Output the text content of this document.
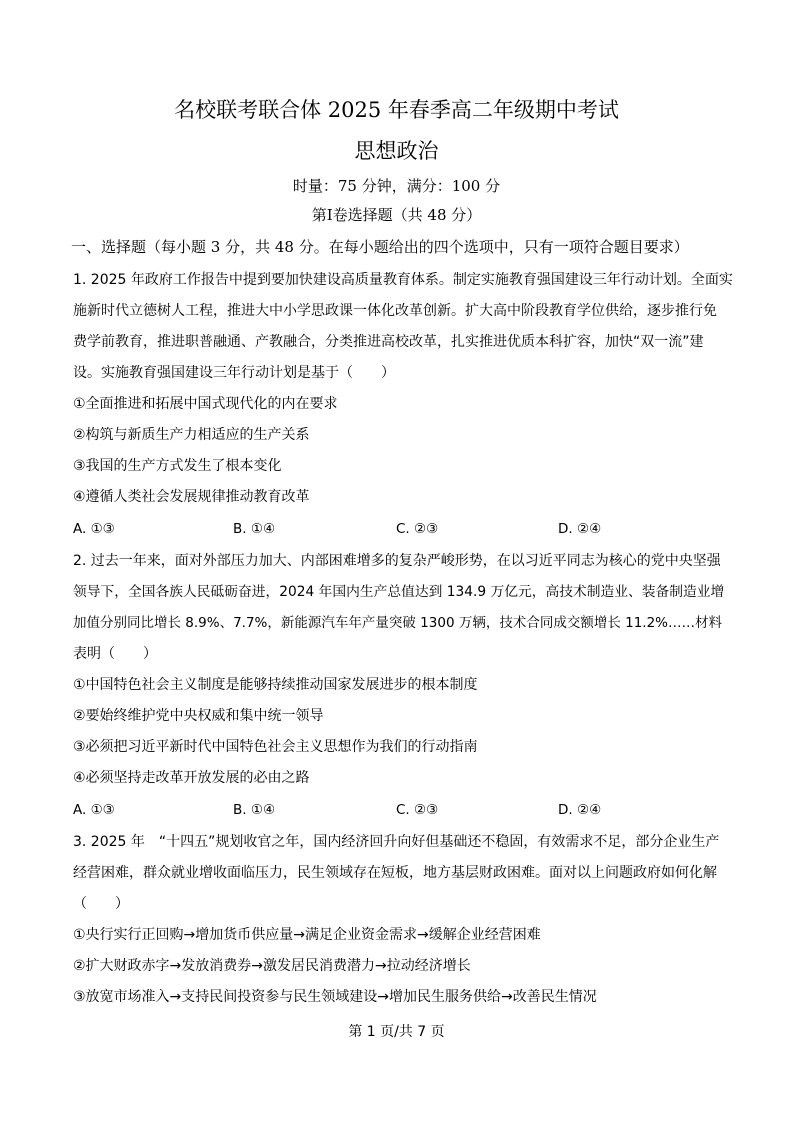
名校联考联合体 2025 年春季高二年级期中考试
思想政治
时量：75 分钟，满分：100 分
第Ⅰ卷选择题（共 48 分）
一、选择题（每小题 3 分，共 48 分。在每小题给出的四个选项中，只有一项符合题目要求）
1. 2025 年政府工作报告中提到要加快建设高质量教育体系。制定实施教育强国建设三年行动计划。全面实
施新时代立德树人工程，推进大中小学思政课一体化改革创新。扩大高中阶段教育学位供给，逐步推行免
费学前教育，推进职普融通、产教融合，分类推进高校改革，扎实推进优质本科扩容，加快“双一流”建
设。实施教育强国建设三年行动计划是基于（　　）
①全面推进和拓展中国式现代化的内在要求
②构筑与新质生产力相适应的生产关系
③我国的生产方式发生了根本变化
④遵循人类社会发展规律推动教育改革
A. ①③	B. ①④	C. ②③	D. ②④
2. 过去一年来，面对外部压力加大、内部困难增多的复杂严峻形势，在以习近平同志为核心的党中央坚强
领导下，全国各族人民砥砺奋进，2024 年国内生产总值达到 134.9 万亿元，高技术制造业、装备制造业增
加值分别同比增长 8.9%、7.7%，新能源汽车年产量突破 1300 万辆，技术合同成交额增长 11.2%……材料
表明（　　）
①中国特色社会主义制度是能够持续推动国家发展进步的根本制度
②要始终维护党中央权威和集中统一领导
③必须把习近平新时代中国特色社会主义思想作为我们的行动指南
④必须坚持走改革开放发展的必由之路
A. ①③	B. ①④	C. ②③	D. ②④
3. 2025 年　“十四五”规划收官之年，国内经济回升向好但基础还不稳固，有效需求不足，部分企业生产
经营困难，群众就业增收面临压力，民生领域存在短板，地方基层财政困难。面对以上问题政府如何化解
（　　）
①央行实行正回购→增加货币供应量→满足企业资金需求→缓解企业经营困难
②扩大财政赤字→发放消费券→激发居民消费潜力→拉动经济增长
③放宽市场准入→支持民间投资参与民生领域建设→增加民生服务供给→改善民生情况
第 1 页/共 7 页
